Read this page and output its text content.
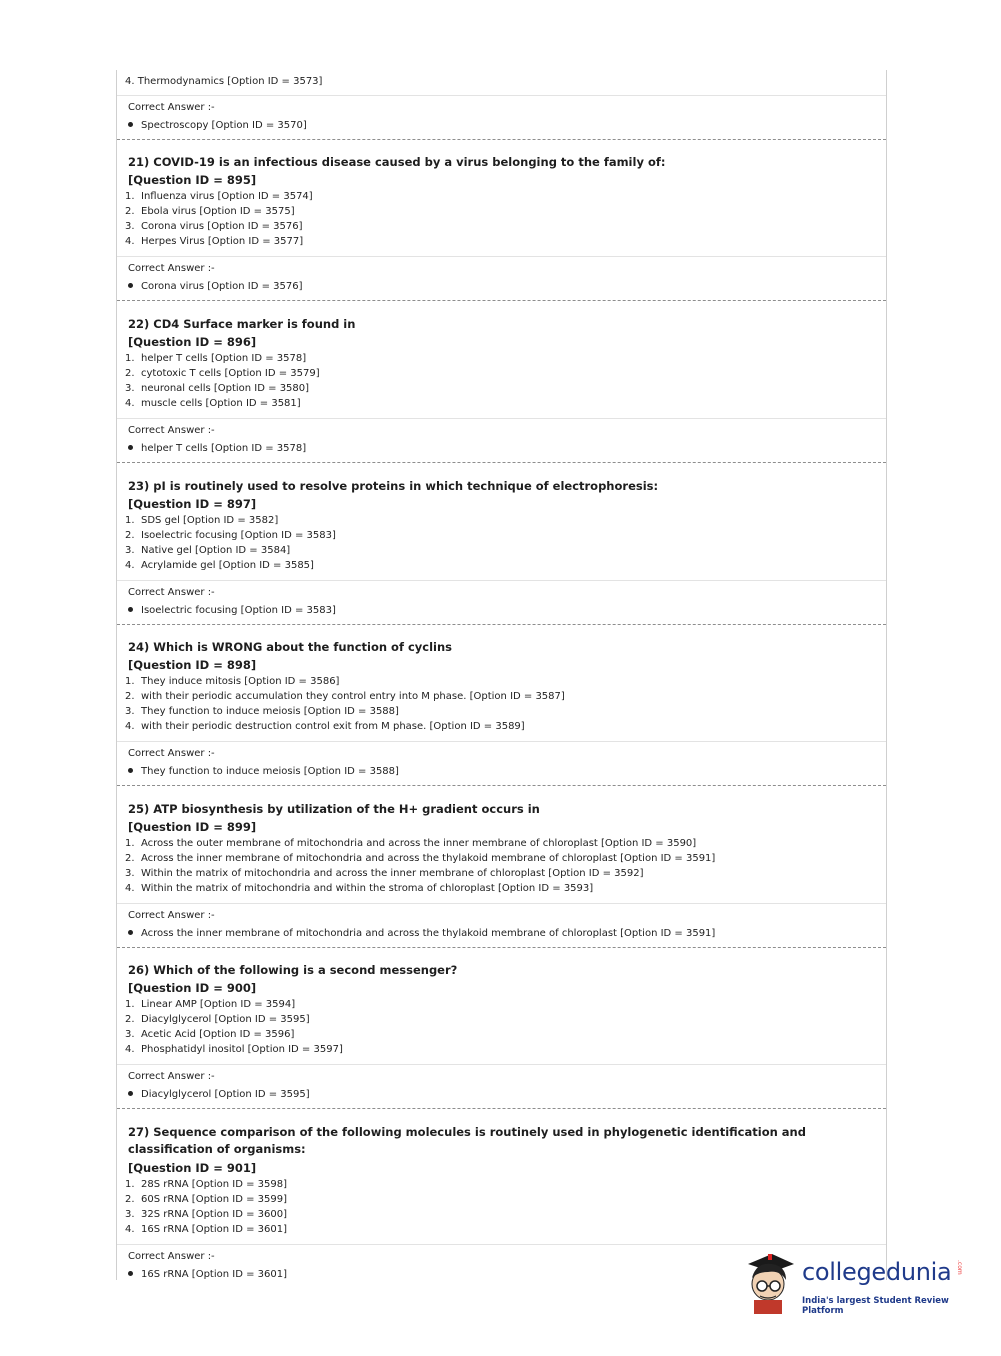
4. Thermodynamics [Option ID = 3573]
Correct Answer :-
Spectroscopy [Option ID = 3570]
21) COVID-19 is an infectious disease caused by a virus belonging to the family of:
[Question ID = 895]
1. Influenza virus [Option ID = 3574]
2. Ebola virus [Option ID = 3575]
3. Corona virus [Option ID = 3576]
4. Herpes Virus [Option ID = 3577]
Correct Answer :-
Corona virus [Option ID = 3576]
22) CD4 Surface marker is found in
[Question ID = 896]
1. helper T cells [Option ID = 3578]
2. cytotoxic T cells [Option ID = 3579]
3. neuronal cells [Option ID = 3580]
4. muscle cells [Option ID = 3581]
Correct Answer :-
helper T cells [Option ID = 3578]
23) pI is routinely used to resolve proteins in which technique of electrophoresis:
[Question ID = 897]
1. SDS gel [Option ID = 3582]
2. Isoelectric focusing [Option ID = 3583]
3. Native gel [Option ID = 3584]
4. Acrylamide gel [Option ID = 3585]
Correct Answer :-
Isoelectric focusing [Option ID = 3583]
24) Which is WRONG about the function of cyclins
[Question ID = 898]
1. They induce mitosis [Option ID = 3586]
2. with their periodic accumulation they control entry into M phase. [Option ID = 3587]
3. They function to induce meiosis [Option ID = 3588]
4. with their periodic destruction control exit from M phase. [Option ID = 3589]
Correct Answer :-
They function to induce meiosis [Option ID = 3588]
25) ATP biosynthesis by utilization of the H+ gradient occurs in
[Question ID = 899]
1. Across the outer membrane of mitochondria and across the inner membrane of chloroplast [Option ID = 3590]
2. Across the inner membrane of mitochondria and across the thylakoid membrane of chloroplast [Option ID = 3591]
3. Within the matrix of mitochondria and across the inner membrane of chloroplast [Option ID = 3592]
4. Within the matrix of mitochondria and within the stroma of chloroplast [Option ID = 3593]
Correct Answer :-
Across the inner membrane of mitochondria and across the thylakoid membrane of chloroplast [Option ID = 3591]
26) Which of the following is a second messenger?
[Question ID = 900]
1. Linear AMP [Option ID = 3594]
2. Diacylglycerol [Option ID = 3595]
3. Acetic Acid [Option ID = 3596]
4. Phosphatidyl inositol [Option ID = 3597]
Correct Answer :-
Diacylglycerol [Option ID = 3595]
27) Sequence comparison of the following molecules is routinely used in phylogenetic identification and classification of organisms:
[Question ID = 901]
1. 28S rRNA [Option ID = 3598]
2. 60S rRNA [Option ID = 3599]
3. 32S rRNA [Option ID = 3600]
4. 16S rRNA [Option ID = 3601]
Correct Answer :-
16S rRNA [Option ID = 3601]	collegedunia .com
India's largest Student Review Platform
